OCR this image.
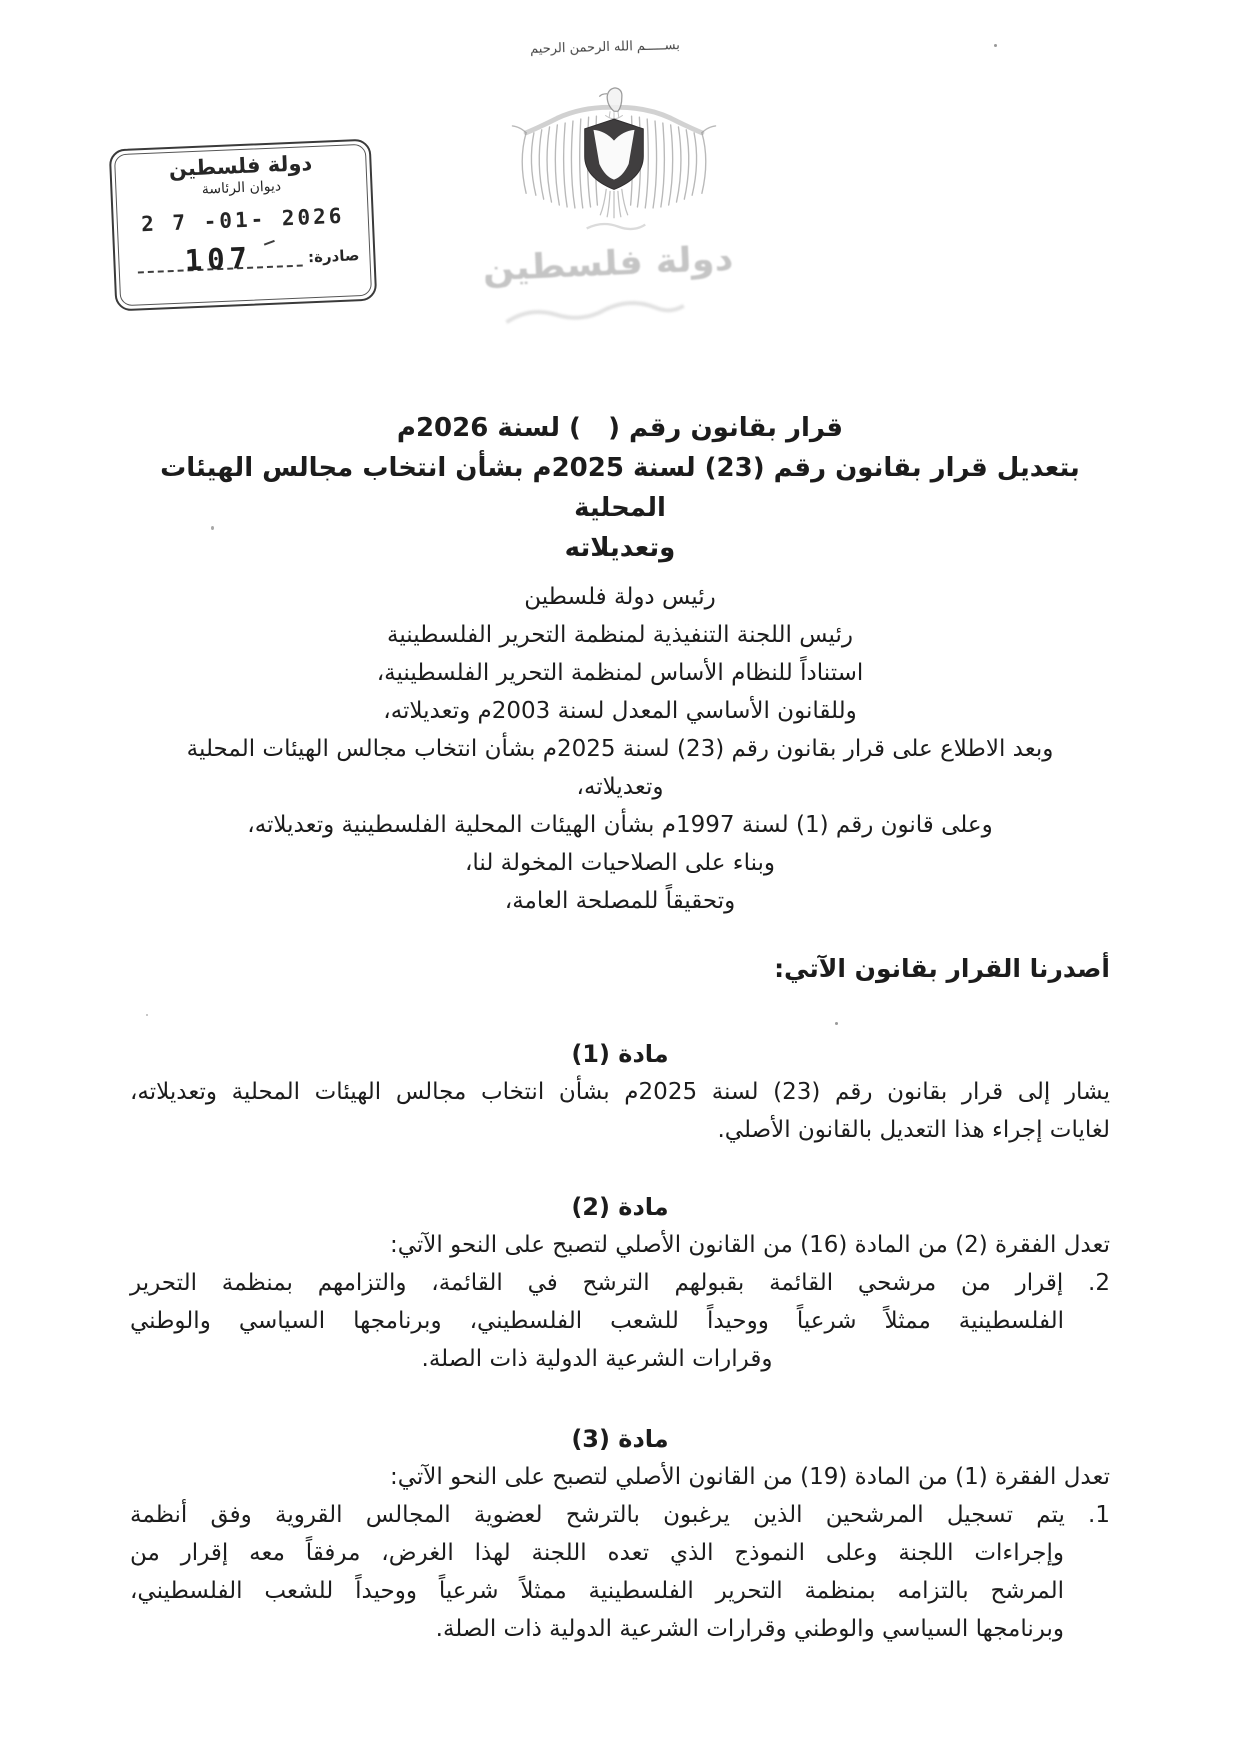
بســـــم الله الرحمن الرحيم
دولة فلسطين
دولة فلسطين
ديوان الرئاسة
2 7 -01- 2026
صادرة:
107
قرار بقانون رقم (   ) لسنة 2026م
بتعديل قرار بقانون رقم (23) لسنة 2025م بشأن انتخاب مجالس الهيئات المحلية
وتعديلاته
رئيس دولة فلسطين
رئيس اللجنة التنفيذية لمنظمة التحرير الفلسطينية
استناداً للنظام الأساس لمنظمة التحرير الفلسطينية،
وللقانون الأساسي المعدل لسنة 2003م وتعديلاته،
وبعد الاطلاع على قرار بقانون رقم (23) لسنة 2025م بشأن انتخاب مجالس الهيئات المحلية
وتعديلاته،
وعلى قانون رقم (1) لسنة 1997م بشأن الهيئات المحلية الفلسطينية وتعديلاته،
وبناء على الصلاحيات المخولة لنا،
وتحقيقاً للمصلحة العامة،
أصدرنا القرار بقانون الآتي:
مادة (1)
يشار إلى قرار بقانون رقم (23) لسنة 2025م بشأن انتخاب مجالس الهيئات المحلية وتعديلاته،
لغايات إجراء هذا التعديل بالقانون الأصلي.
مادة (2)
تعدل الفقرة (2) من المادة (16) من القانون الأصلي لتصبح على النحو الآتي:
2. إقرار من مرشحي القائمة بقبولهم الترشح في القائمة، والتزامهم بمنظمة التحرير
الفلسطينية ممثلاً شرعياً ووحيداً للشعب الفلسطيني، وبرنامجها السياسي والوطني
وقرارات الشرعية الدولية ذات الصلة.
مادة (3)
تعدل الفقرة (1) من المادة (19) من القانون الأصلي لتصبح على النحو الآتي:
1. يتم تسجيل المرشحين الذين يرغبون بالترشح لعضوية المجالس القروية وفق أنظمة
وإجراءات اللجنة وعلى النموذج الذي تعده اللجنة لهذا الغرض، مرفقاً معه إقرار من
المرشح بالتزامه بمنظمة التحرير الفلسطينية ممثلاً شرعياً ووحيداً للشعب الفلسطيني،
وبرنامجها السياسي والوطني وقرارات الشرعية الدولية ذات الصلة.
